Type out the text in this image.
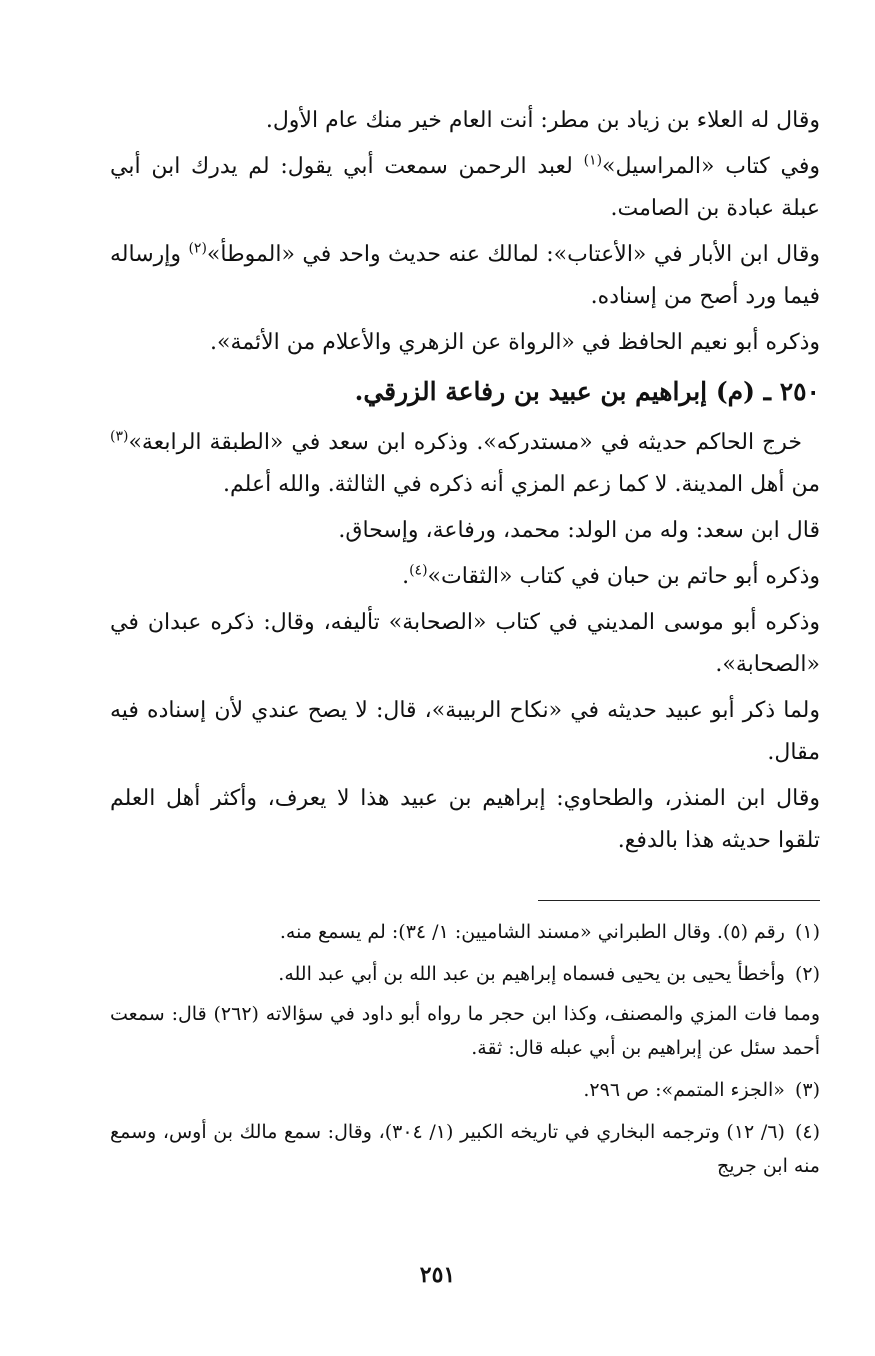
وقال له العلاء بن زياد بن مطر: أنت العام خير منك عام الأول.

وفي كتاب «المراسيل»$^{(١)}$ لعبد الرحمن سمعت أبي يقول: لم يدرك ابن أبي عبلة عبادة بن الصامت.

وقال ابن الأبار في «الأعتاب»: لمالك عنه حديث واحد في «الموطأ»$^{(٢)}$ وإرساله فيما ورد أصح من إسناده.

وذكره أبو نعيم الحافظ في «الرواة عن الزهري والأعلام من الأئمة».

٢٥٠ ـ (م) إبراهيم بن عبيد بن رفاعة الزرقي.

خرج الحاكم حديثه في «مستدركه». وذكره ابن سعد في «الطبقة الرابعة»$^{(٣)}$ من أهل المدينة. لا كما زعم المزي أنه ذكره في الثالثة. والله أعلم.

قال ابن سعد: وله من الولد: محمد، ورفاعة، وإسحاق.

وذكره أبو حاتم بن حبان في كتاب «الثقات»$^{(٤)}$.

وذكره أبو موسى المديني في كتاب «الصحابة» تأليفه، وقال: ذكره عبدان في «الصحابة».

ولما ذكر أبو عبيد حديثه في «نكاح الربيبة»، قال: لا يصح عندي لأن إسناده فيه مقال.

وقال ابن المنذر، والطحاوي: إبراهيم بن عبيد هذا لا يعرف، وأكثر أهل العلم تلقوا حديثه هذا بالدفع.

(١)رقم (٥). وقال الطبراني «مسند الشاميين: ١/ ٣٤): لم يسمع منه.

(٢)وأخطأ يحيى بن يحيى فسماه إبراهيم بن عبد الله بن أبي عبد الله.

ومما فات المزي والمصنف، وكذا ابن حجر ما رواه أبو داود في سؤالاته (٢٦٢) قال: سمعت أحمد سئل عن إبراهيم بن أبي عبله قال: ثقة.

(٣)«الجزء المتمم»: ص ٢٩٦.

(٤)(٦/ ١٢) وترجمه البخاري في تاريخه الكبير (١/ ٣٠٤)، وقال: سمع مالك بن أوس، وسمع منه ابن جريج

٢٥١
